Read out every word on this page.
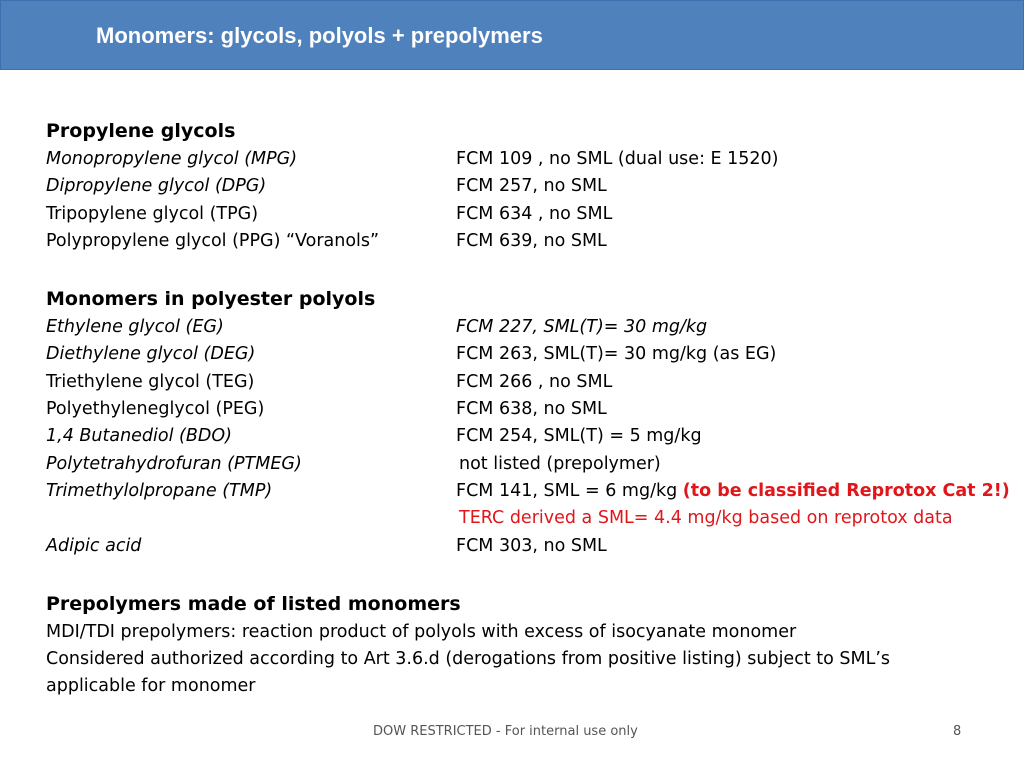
Monomers: glycols, polyols + prepolymers
Propylene glycols
Monopropylene glycol (MPG)	FCM 109 , no SML (dual use: E 1520)
Dipropylene glycol (DPG)	FCM 257, no SML
Tripopylene glycol (TPG)	FCM 634 , no SML
Polypropylene glycol (PPG) “Voranols”	FCM 639, no SML
Monomers in polyester polyols
Ethylene glycol (EG)	FCM 227, SML(T)= 30 mg/kg
Diethylene glycol (DEG)	FCM 263, SML(T)= 30 mg/kg (as EG)
Triethylene glycol (TEG)	FCM 266 , no SML
Polyethyleneglycol (PEG)	FCM 638, no SML
1,4 Butanediol (BDO)	FCM 254, SML(T) = 5 mg/kg
Polytetrahydrofuran (PTMEG)	not listed (prepolymer)
Trimethylolpropane (TMP)	FCM 141, SML = 6 mg/kg (to be classified Reprotox Cat 2!)
TERC derived a SML= 4.4 mg/kg based on reprotox data
Adipic acid	FCM 303, no SML
Prepolymers made of listed monomers
MDI/TDI prepolymers: reaction product of polyols with excess of isocyanate monomer
Considered authorized according to Art 3.6.d (derogations from positive listing) subject to SML’s
applicable for monomer
DOW RESTRICTED - For internal use only	8
